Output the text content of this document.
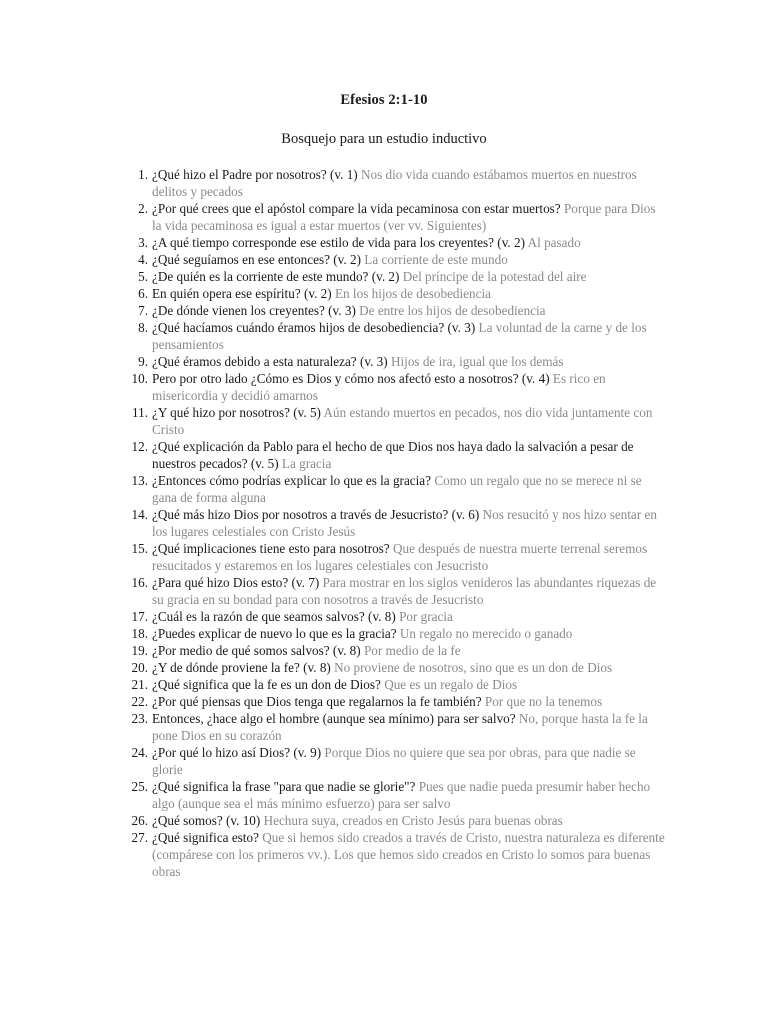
Efesios 2:1-10
Bosquejo para un estudio inductivo
1. ¿Qué hizo el Padre por nosotros? (v. 1) Nos dio vida cuando estábamos muertos en nuestros delitos y pecados
2. ¿Por qué crees que el apóstol compare la vida pecaminosa con estar muertos? Porque para Dios la vida pecaminosa es igual a estar muertos (ver vv. Siguientes)
3. ¿A qué tiempo corresponde ese estilo de vida para los creyentes? (v. 2) Al pasado
4. ¿Qué seguíamos en ese entonces? (v. 2) La corriente de este mundo
5. ¿De quién es la corriente de este mundo? (v. 2) Del príncipe de la potestad del aire
6. En quién opera ese espíritu? (v. 2) En los hijos de desobediencia
7. ¿De dónde vienen los creyentes? (v. 3) De entre los hijos de desobediencia
8. ¿Qué hacíamos cuándo éramos hijos de desobediencia? (v. 3) La voluntad de la carne y de los pensamientos
9. ¿Qué éramos debido a esta naturaleza? (v. 3) Hijos de ira, igual que los demás
10. Pero por otro lado ¿Cómo es Dios y cómo nos afectó esto a nosotros? (v. 4) Es rico en misericordia y decidió amarnos
11. ¿Y qué hizo por nosotros? (v. 5) Aún estando muertos en pecados, nos dio vida juntamente con Cristo
12. ¿Qué explicación da Pablo para el hecho de que Dios nos haya dado la salvación a pesar de nuestros pecados? (v. 5) La gracia
13. ¿Entonces cómo podrías explicar lo que es la gracia? Como un regalo que no se merece ni se gana de forma alguna
14. ¿Qué más hizo Dios por nosotros a través de Jesucristo? (v. 6) Nos resucitó y nos hizo sentar en los lugares celestiales con Cristo Jesús
15. ¿Qué implicaciones tiene esto para nosotros? Que después de nuestra muerte terrenal seremos resucitados y estaremos en los lugares celestiales con Jesucristo
16. ¿Para qué hizo Dios esto? (v. 7) Para mostrar en los siglos venideros las abundantes riquezas de su gracia en su bondad para con nosotros a través de Jesucristo
17. ¿Cuál es la razón de que seamos salvos? (v. 8) Por gracia
18. ¿Puedes explicar de nuevo lo que es la gracia? Un regalo no merecido o ganado
19. ¿Por medio de qué somos salvos? (v. 8) Por medio de la fe
20. ¿Y de dónde proviene la fe? (v. 8) No proviene de nosotros, sino que es un don de Dios
21. ¿Qué significa que la fe es un don de Dios? Que es un regalo de Dios
22. ¿Por qué piensas que Dios tenga que regalarnos la fe también? Por que no la tenemos
23. Entonces, ¿hace algo el hombre (aunque sea mínimo) para ser salvo? No, porque hasta la fe la pone Dios en su corazón
24. ¿Por qué lo hizo así Dios? (v. 9) Porque Dios no quiere que sea por obras, para que nadie se glorie
25. ¿Qué significa la frase "para que nadie se glorie"? Pues que nadie pueda presumir haber hecho algo (aunque sea el más mínimo esfuerzo) para ser salvo
26. ¿Qué somos? (v. 10) Hechura suya, creados en Cristo Jesús para buenas obras
27. ¿Qué significa esto? Que si hemos sido creados a través de Cristo, nuestra naturaleza es diferente (compárese con los primeros vv.). Los que hemos sido creados en Cristo lo somos para buenas obras
